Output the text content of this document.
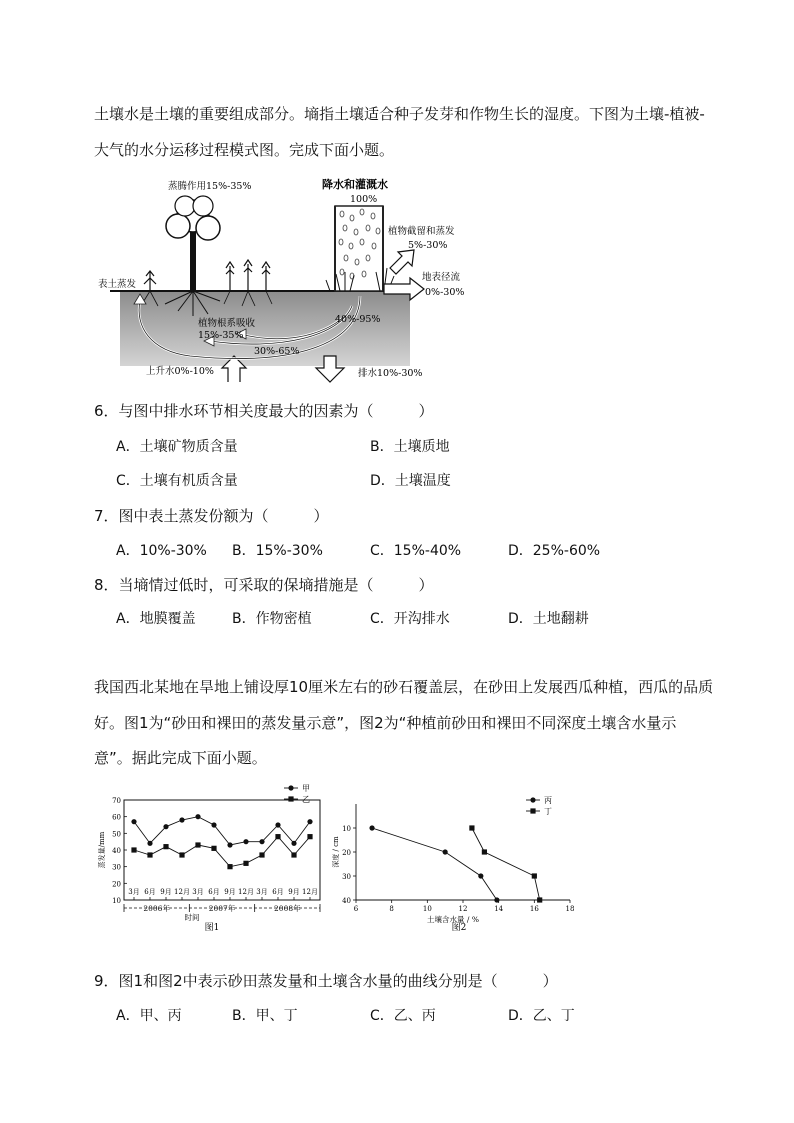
土壤水是土壤的重要组成部分。墒指土壤适合种子发芽和作物生长的湿度。下图为土壤-植被-
大气的水分运移过程模式图。完成下面小题。
蒸腾作用15%-35%	降水和灌溉水
100%
植物截留和蒸发
5%-30%
地表径流
0%-30%
表土蒸发
40%-95%
植物根系吸收
15%-35%
30%-65%
上升水0%-10%	排水10%-30%
6．与图中排水环节相关度最大的因素为（　　　）
A．土壤矿物质含量	B．土壤质地
C．土壤有机质含量	D．土壤温度
7．图中表土蒸发份额为（　　　）
A．10%-30% B．15%-30%	C．15%-40%	D．25%-60%
8．当墒情过低时，可采取的保墒措施是（　　　）
A．地膜覆盖	B．作物密植	C．开沟排水	D．土地翻耕
我国西北某地在旱地上铺设厚10厘米左右的砂石覆盖层，在砂田上发展西瓜种植，西瓜的品质
好。图1为“砂田和裸田的蒸发量示意”，图2为“种植前砂田和裸田不同深度土壤含水量示
意”。据此完成下面小题。
10
20
30
40
50
60
70
蒸发量/mm
3月 6月 9月 12月 3月 6月 9月 12月 3月 6月 9月 12月
2006年	2007年	2008年
时间
甲
乙
图1
6	8	10	12	14	16	18
10
20
30
40
深度 / cm
土壤含水量 / %
丙
丁
图2
9．图1和图2中表示砂田蒸发量和土壤含水量的曲线分别是（　　　）
A．甲、丙	B．甲、丁	C．乙、丙	D．乙、丁
